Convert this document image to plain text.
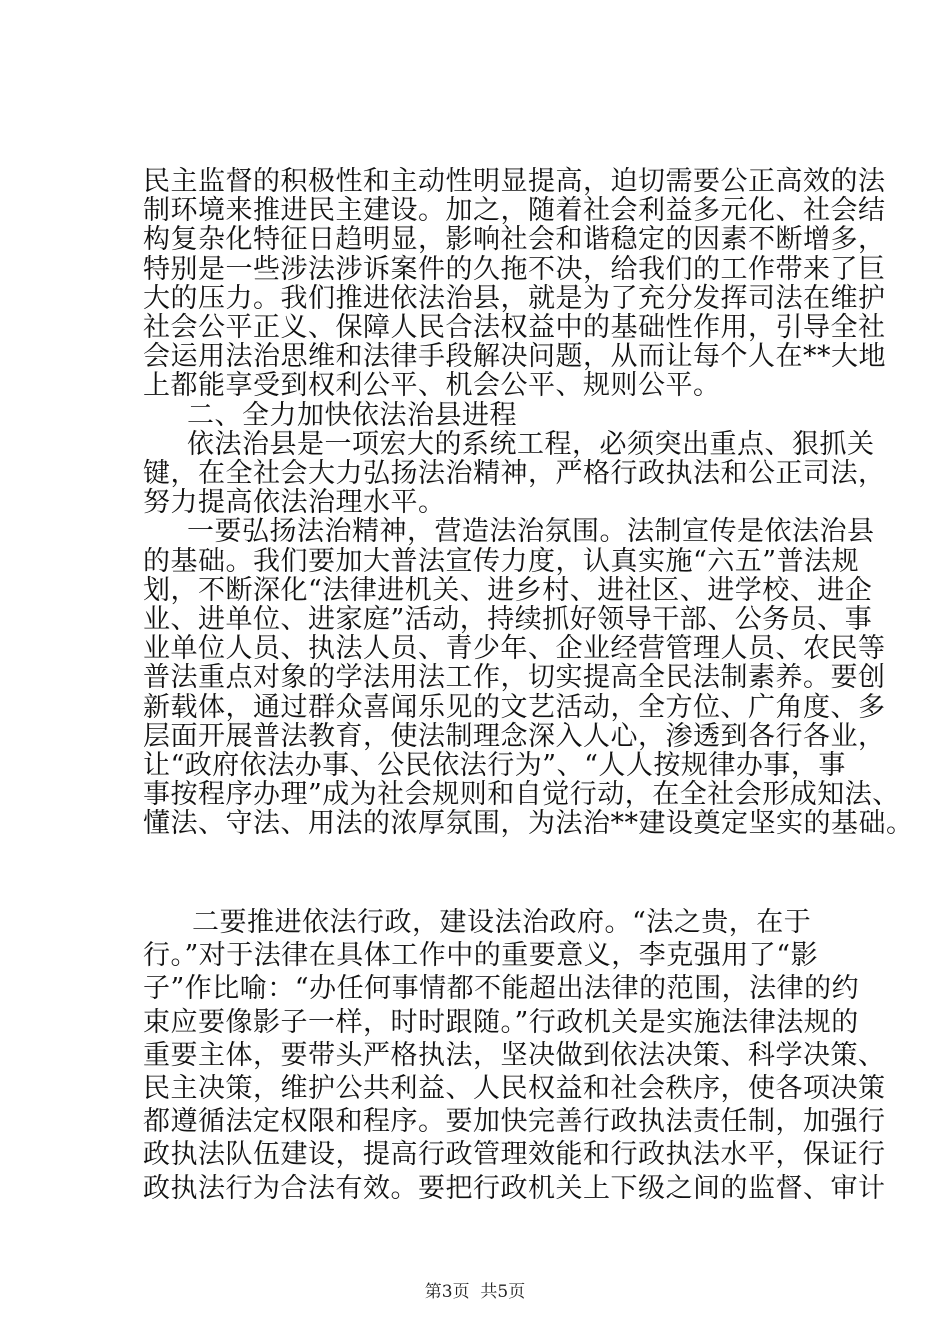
民主监督的积极性和主动性明显提高，迫切需要公正高效的法
制环境来推进民主建设。加之，随着社会利益多元化、社会结
构复杂化特征日趋明显，影响社会和谐稳定的因素不断增多，
特别是一些涉法涉诉案件的久拖不决，给我们的工作带来了巨
大的压力。我们推进依法治县，就是为了充分发挥司法在维护
社会公平正义、保障人民合法权益中的基础性作用，引导全社
会运用法治思维和法律手段解决问题，从而让每个人在**大地
上都能享受到权利公平、机会公平、规则公平。
二、全力加快依法治县进程
依法治县是一项宏大的系统工程，必须突出重点、狠抓关
键，在全社会大力弘扬法治精神，严格行政执法和公正司法，
努力提高依法治理水平。
一要弘扬法治精神，营造法治氛围。法制宣传是依法治县
的基础。我们要加大普法宣传力度，认真实施“六五”普法规
划，不断深化“法律进机关、进乡村、进社区、进学校、进企
业、进单位、进家庭”活动，持续抓好领导干部、公务员、事
业单位人员、执法人员、青少年、企业经营管理人员、农民等
普法重点对象的学法用法工作，切实提高全民法制素养。要创
新载体，通过群众喜闻乐见的文艺活动，全方位、广角度、多
层面开展普法教育，使法制理念深入人心，渗透到各行各业，
让“政府依法办事、公民依法行为”、“人人按规律办事，事
事按程序办理”成为社会规则和自觉行动，在全社会形成知法、
懂法、守法、用法的浓厚氛围，为法治**建设奠定坚实的基础。
二要推进依法行政，建设法治政府。“法之贵，在于
行。”对于法律在具体工作中的重要意义，李克强用了“影
子”作比喻：“办任何事情都不能超出法律的范围，法律的约
束应要像影子一样，时时跟随。”行政机关是实施法律法规的
重要主体，要带头严格执法，坚决做到依法决策、科学决策、
民主决策，维护公共利益、人民权益和社会秩序，使各项决策
都遵循法定权限和程序。要加快完善行政执法责任制，加强行
政执法队伍建设，提高行政管理效能和行政执法水平，保证行
政执法行为合法有效。要把行政机关上下级之间的监督、审计
第3页  共5页
